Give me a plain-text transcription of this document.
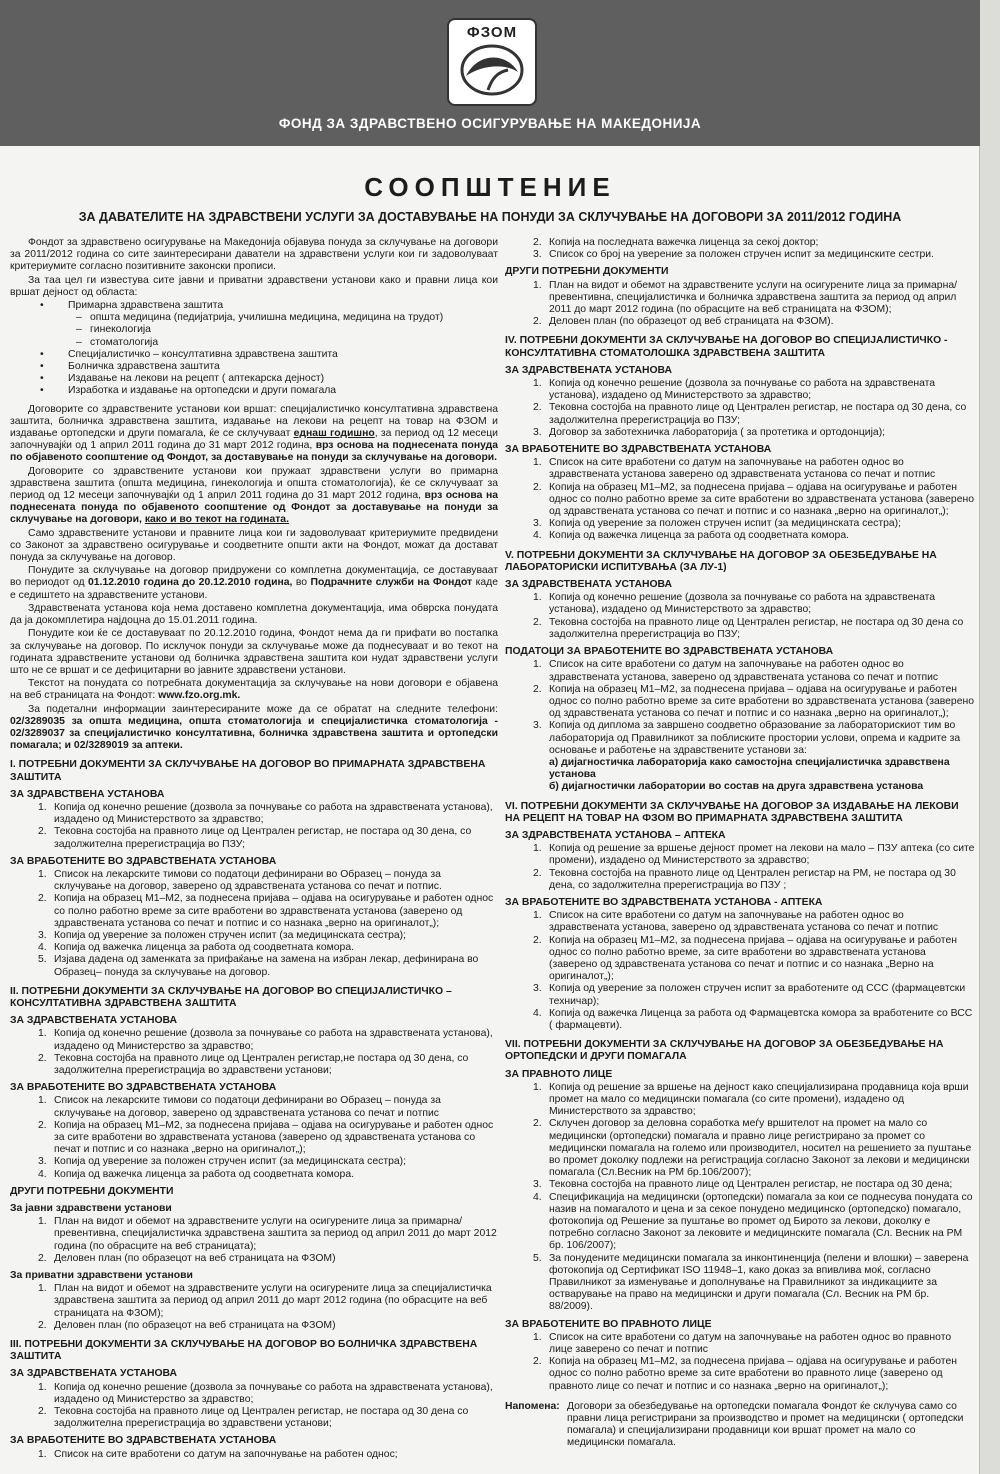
ФЗОМ
ФОНД ЗА ЗДРАВСТВЕНО ОСИГУРУВАЊЕ НА МАКЕДОНИЈА
СООПШТЕНИЕ
ЗА ДАВАТЕЛИТЕ НА ЗДРАВСТВЕНИ УСЛУГИ ЗА ДОСТАВУВАЊЕ НА ПОНУДИ ЗА СКЛУЧУВАЊЕ НА ДОГОВОРИ ЗА 2011/2012 ГОДИНА

Фондот за здравствено осигурување на Македонија објавува понуда за склучување на договори за 2011/2012 година со сите заинтересирани даватели на здравствени услуги кои ги задоволуваат критериумите согласно позитивните законски прописи.

За таа цел ги известува сите јавни и приватни здравствени установи како и правни лица кои вршат дејност од областа:

• Примарна здравствена заштита
– општа медицина (педијатрија, училишна медицина, медицина на трудот)
– гинекологија
– стоматологија
• Специјалистичко – консултативна здравствена заштита
• Болничка здравствена заштита
• Издавање на лекови на рецепт ( аптекарска дејност)
• Изработка и издавање на ортопедски и други помагала

Договорите со здравствените установи кои вршат: специјалистичко консултативна здравствена заштита, болничка здравствена заштита, издавање на лекови на рецепт на товар на ФЗОМ и издавање ортопедски и други помагала, ќе се склучуваат еднаш годишно, за период од 12 месеци започнувајќи од 1 април 2011 година до 31 март 2012 година, врз основа на поднесената понуда по објавеното соопштение од Фондот, за доставување на понуди за склучување на договори.

Договорите со здравствените установи кои пружаат здравствени услуги во примарна здравствена заштита (општа медицина, гинекологија и општа стоматологија), ќе се склучуваат за период од 12 месеци започнувајќи од 1 април 2011 година до 31 март 2012 година, врз основа на поднесената понуда по објавеното соопштение од Фондот за доставување на понуди за склучување на договори, како и во текот на годината.

Само здравствените установи и правните лица кои ги задоволуваат критериумите предвидени со Законот за здравствено осигурување и соодветните општи акти на Фондот, можат да достават понуда за склучување на договор.

Понудите за склучување на договор придружени со комплетна документација, се доставуваат во периодот од 01.12.2010 година до 20.12.2010 година, во Подрачните служби на Фондот каде е седиштето на здравствените установи.

Здравствената установа која нема доставено комплетна документација, има обврска понудата да ја докомплетира најдоцна до 15.01.2011 година.

Понудите кои ќе се доставуваат по 20.12.2010 година, Фондот нема да ги прифати во постапка за склучување на договор. По исклучок понуди за склучување може да поднесуваат и во текот на годината здравствените установи од болничка здравствена заштита кои нудат здравствени услуги што не се вршат и се дефицитарни во јавните здравствени установи.

Текстот на понудата со потребната документација за склучување на нови договори е објавена на веб страницата на Фондот: www.fzo.org.mk.

За подетални информации заинтересираните може да се обратат на следните телефони: 02/3289035 за општа медицина, општа стоматологија и специјалистичка стоматологија - 02/3289037 за специјалистичко консултативна, болничка здравствена заштита и ортопедски помагала; и 02/3289019 за аптеки.

I. ПОТРЕБНИ ДОКУМЕНТИ ЗА СКЛУЧУВАЊЕ НА ДОГОВОР ВО ПРИМАРНАТА ЗДРАВСТВЕНА ЗАШТИТА
ЗА ЗДРАВСТВЕНА УСТАНОВА
1. Копија од конечно решение (дозвола за почнување со работа на здравствената установа), издадено од Министерството за здравство;
2. Тековна состојба на правното лице од Централен регистар, не постара од 30 дена, со задолжителна пререгистрација во ПЗУ;
ЗА ВРАБОТЕНИТЕ ВО ЗДРАВСТВЕНАТА УСТАНОВА
1. Список на лекарските тимови со податоци дефинирани во Образец – понуда за склучување на договор, заверено од здравствената установа со печат и потпис.
2. Копија на образец М1–М2, за поднесена пријава – одјава на осигурување и работен однос со полно работно време за сите вработени во здравствената установа (заверено од здравствената установа со печат и потпис и со назнака „верно на оригиналот„);
3. Копија од уверение за положен стручен испит (за медицинската сестра);
4. Копија од важечка лиценца за работа од соодветната комора.
5. Изјава дадена од заменката за прифаќање на замена на избран лекар, дефинирана во Образец– понуда за склучување на договор.
II. ПОТРЕБНИ ДОКУМЕНТИ ЗА СКЛУЧУВАЊЕ НА ДОГОВОР ВО СПЕЦИЈАЛИСТИЧКО – КОНСУЛТАТИВНА ЗДРАВСТВЕНА ЗАШТИТА
ЗА ЗДРАВСТВЕНАТА УСТАНОВА
1. Копија од конечно решение (дозвола за почнување со работа на здравствената установа), издадено од Министерство за здравство;
2. Тековна состојба на правното лице од Централен регистар,не постара од 30 дена, со задолжителна пререгистрација во здравствени установи;
ЗА ВРАБОТЕНИТЕ ВО ЗДРАВСТВЕНАТА УСТАНОВА
1. Список на лекарските тимови со податоци дефинирани во Образец – понуда за склучување на договор, заверено од здравствената установа со печат и потпис
2. Копија на образец М1–М2, за поднесена пријава – одјава на осигурување и работен однос за сите вработени во здравствената установа (заверено од здравствената установа со печат и потпис и со назнака „верно на оригиналот„);
3. Копија од уверение за положен стручен испит (за медицинската сестра);
4. Копија од важечка лиценца за работа од соодветната комора.
ДРУГИ ПОТРЕБНИ ДОКУМЕНТИ
За јавни здравствени установи
1. План на видот и обемот на здравствените услуги на осигурените лица за примарна/превентивна, специјалистичка здравствена заштита за период од април 2011 до март 2012 година (по обрасците на веб страницата);
2. Деловен план (по образецот на веб страницата на ФЗОМ)
За приватни здравствени установи
1. План на видот и обемот на здравствените услуги на осигурените лица за специјалистичка здравствена заштита за период од април 2011 до март 2012 година (по обрасците на веб страницата на ФЗОМ);
2. Деловен план (по образецот на веб страницата на ФЗОМ)
III. ПОТРЕБНИ ДОКУМЕНТИ ЗА СКЛУЧУВАЊЕ НА ДОГОВОР ВО БОЛНИЧКА ЗДРАВСТВЕНА ЗАШТИТА
ЗА ЗДРАВСТВЕНАТА УСТАНОВА
1. Копија од конечно решение (дозвола за почнување со работа на здравствената установа), издадено од Министерство за здравство;
2. Тековна состојба на правното лице од Централен регистар, не постара од 30 дена со задолжителна пререгистрација во здравствени установи;
ЗА ВРАБОТЕНИТЕ ВО ЗДРАВСТВЕНАТА УСТАНОВА
1. Список на сите вработени со датум на започнување на работен однос;
2. Копија на последната важечка лиценца за секој доктор;
3. Список со број на уверение за положен стручен испит за медицинските сестри.
ДРУГИ ПОТРЕБНИ ДОКУМЕНТИ
1. План на видот и обемот на здравствените услуги на осигурените лица за примарна/превентивна, специјалистичка и болничка здравствена заштита за период од април 2011 до март 2012 година (по обрасците на веб страницата на ФЗОМ);
2. Деловен план (по образецот од веб страницата на ФЗОМ).
IV. ПОТРЕБНИ ДОКУМЕНТИ ЗА СКЛУЧУВАЊЕ НА ДОГОВОР ВО СПЕЦИЈАЛИСТИЧКО - КОНСУЛТАТИВНА СТОМАТОЛОШКА ЗДРАВСТВЕНА ЗАШТИТА
ЗА ЗДРАВСТВЕНАТА УСТАНОВА
1. Копија од конечно решение (дозвола за почнување со работа на здравствената установа), издадено од Министерството за здравство;
2. Тековна состојба на правното лице од Централен регистар, не постара од 30 дена, со задолжителна пререгистрација во ПЗУ;
3. Договор за заботехничка лабораторија ( за протетика и ортодонција);
ЗА ВРАБОТЕНИТЕ ВО ЗДРАВСТВЕНАТА УСТАНОВА
1. Список на сите вработени со датум на започнување на работен однос во здравствената установа заверено од здравствената установа со печат и потпис
2. Копија на образец М1–М2, за поднесена пријава – одјава на осигурување и работен однос со полно работно време за сите вработени во здравствената установа (заверено од здравствената установа со печат и потпис и со назнака „верно на оригиналот„);
3. Копија од уверение за положен стручен испит (за медицинската сестра);
4. Копија од важечка лиценца за работа од соодветната комора.
V. ПОТРЕБНИ ДОКУМЕНТИ ЗА СКЛУЧУВАЊЕ НА ДОГОВОР ЗА ОБЕЗБЕДУВАЊЕ НА ЛАБОРАТОРИСКИ ИСПИТУВАЊА (ЗА ЛУ-1)
ЗА ЗДРАВСТВЕНАТА УСТАНОВА
1. Копија од конечно решение (дозвола за почнување со работа на здравствената установа), издадено од Министерството за здравство;
2. Тековна состојба на правното лице од Централен регистар, не постара од 30 дена со задолжителна пререгистрација во ПЗУ;
ПОДАТОЦИ ЗА ВРАБОТЕНИТЕ ВО ЗДРАВСТВЕНАТА УСТАНОВА
1. Список на сите вработени со датум на започнување на работен однос во здравствената установа, заверено од здравствената установа со печат и потпис
2. Копија на образец М1–М2, за поднесена пријава – одјава на осигурување и работен однос со полно работно време за сите вработени во здравствената установа (заверено од здравствената установа со печат и потпис и со назнака „верно на оригиналот„);
3. Копија од диплома за завршено соодветно образование за лабораторискиот тим во лабораторија од Правилникот за поблиските простории услови, опрема и кадрите за основање и работење на здравствените установи за:
а) дијагностичка лабораторија како самостојна специјалистичка здравствена установа
б) дијагностички лаборатории во состав на друга здравствена установа
VI. ПОТРЕБНИ ДОКУМЕНТИ ЗА СКЛУЧУВАЊЕ НА ДОГОВОР ЗА ИЗДАВАЊЕ НА ЛЕКОВИ НА РЕЦЕПТ НА ТОВАР НА ФЗОМ ВО ПРИМАРНАТА ЗДРАВСТВЕНА ЗАШТИТА
ЗА ЗДРАВСТВЕНАТА УСТАНОВА – АПТЕКА
1. Копија од решение за вршење дејност промет на лекови на мало – ПЗУ аптека (со сите промени), издадено од Министерството за здравство;
2. Тековна состојба на правното лице од Централен регистар на РМ, не постара од 30 дена, со задолжителна пререгистрација во ПЗУ ;
ЗА ВРАБОТЕНИТЕ ВО ЗДРАВСТВЕНАТА УСТАНОВА - АПТЕКА
1. Список на сите вработени со датум на започнување на работен однос во здравствената установа, заверено од здравствената установа со печат и потпис
2. Копија на образец М1–М2, за поднесена пријава – одјава на осигурување и работен однос со полно работно време, за сите вработени во здравствената установа (заверено од здравствената установа со печат и потпис и со назнака „Верно на оригиналот„);
3. Копија од уверение за положен стручен испит за вработените од ССС (фармацевтски техничар);
4. Копија од важечка Лиценца за работа од Фармацевтска комора за вработените со ВСС ( фармацевти).
VII. ПОТРЕБНИ ДОКУМЕНТИ ЗА СКЛУЧУВАЊЕ НА ДОГОВОР ЗА ОБЕЗБЕДУВАЊЕ НА ОРТОПЕДСКИ И ДРУГИ ПОМАГАЛА
ЗА ПРАВНОТО ЛИЦЕ
1. Копија од решение за вршење на дејност како специјализирана продавница која врши промет на мало со медицински помагала (со сите промени), издадено од Министерството за здравство;
2. Склучен договор за деловна соработка меѓу вршителот на промет на мало со медицински (ортопедски) помагала и правно лице регистрирано за промет со медицински помагала на големо или производител, носител на решението за пуштање во промет доколку подлежи на регистрација согласно Законот за лекови и медицински помагала (Сл.Весник на РМ бр.106/2007);
3. Тековна состојба на правното лице од Централен регистар, не постара од 30 дена;
4. Спецификација на медицински (ортопедски) помагала за кои се поднесува понудата со назив на помагалото и цена и за секое понудено медицинско (ортопедско) помагало, фотокопија од Решение за пуштање во промет од Бирото за лекови, доколку е потребно согласно Законот за лековите и медицинските помагала (Сл. Весник на РМ бр. 106/2007);
5. За понудените медицински помагала за инконтиненција (пелени и влошки) – заверена фотокопија од Сертификат ISO 11948–1, како доказ за впивлива моќ, согласно Правилникот за изменување и дополнување на Правилникот за индикациите за остварување на право на медицински и други помагала (Сл. Весник на РМ бр. 88/2009).
ЗА ВРАБОТЕНИТЕ ВО ПРАВНОТО ЛИЦЕ
1. Список на сите вработени со датум на започнување на работен однос во правното лице заверено со печат и потпис
2. Копија на образец М1–М2, за поднесена пријава – одјава на осигурување и работен однос со полно работно време за сите вработени во правното лице (заверено од правното лице со печат и потпис и со назнака „верно на оригиналот„);
Напомена: Договори за обезбедување на ортопедски помагала Фондот ќе склучува само со правни лица регистрирани за производство и промет на медицински ( ортопедски помагала) и специјализирани продавници кои вршат промет на мало со медицински помагала.
